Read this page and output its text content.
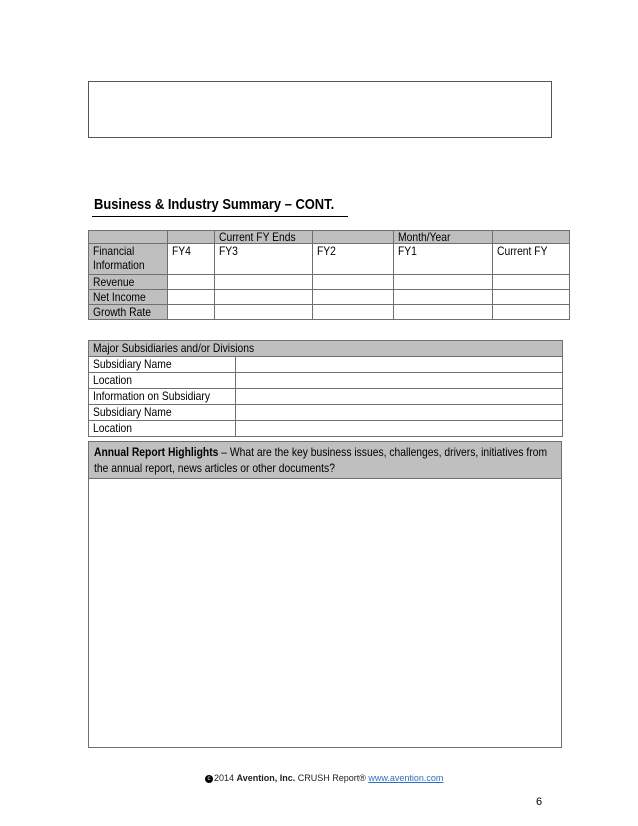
Business & Industry Summary – CONT.

		Current FY Ends		Month/Year	

Financial Information	FY4	FY3	FY2	FY1	Current FY

Revenue					

Net Income					

Growth Rate					

Major Subsidiaries and/or Divisions	

Subsidiary Name	

Location	

Information on Subsidiary	

Subsidiary Name	

Location	

Annual Report Highlights – What are the key business issues, challenges, drivers, initiatives from
the annual report, news articles or other documents?
c 2014 Avention, Inc. CRUSH Report® www.avention.com
6
